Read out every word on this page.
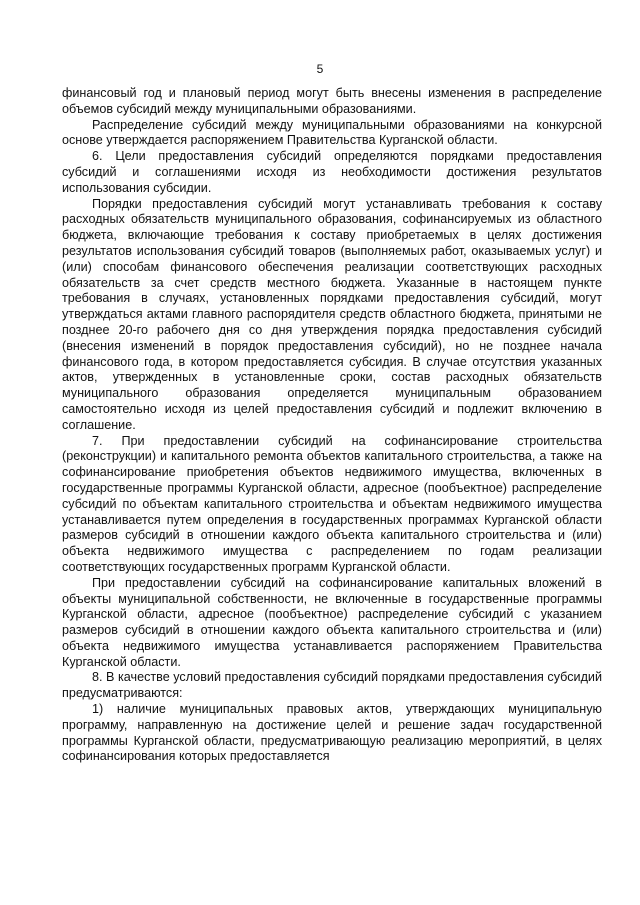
5

финансовый год и плановый период могут быть внесены изменения в распределение объемов субсидий между муниципальными образованиями.

Распределение субсидий между муниципальными образованиями на конкурсной основе утверждается распоряжением Правительства Курганской области.

6. Цели предоставления субсидий определяются порядками предоставления субсидий и соглашениями исходя из необходимости достижения результатов использования субсидии.

Порядки предоставления субсидий могут устанавливать требования к составу расходных обязательств муниципального образования, софинансируемых из областного бюджета, включающие требования к составу приобретаемых в целях достижения результатов использования субсидий товаров (выполняемых работ, оказываемых услуг) и (или) способам финансового обеспечения реализации соответствующих расходных обязательств за счет средств местного бюджета. Указанные в настоящем пункте требования в случаях, установленных порядками предоставления субсидий, могут утверждаться актами главного распорядителя средств областного бюджета, принятыми не позднее 20-го рабочего дня со дня утверждения порядка предоставления субсидий (внесения изменений в порядок предоставления субсидий), но не позднее начала финансового года, в котором предоставляется субсидия. В случае отсутствия указанных актов, утвержденных в установленные сроки, состав расходных обязательств муниципального образования определяется муниципальным образованием самостоятельно исходя из целей предоставления субсидий и подлежит включению в соглашение.

7. При предоставлении субсидий на софинансирование строительства (реконструкции) и капитального ремонта объектов капитального строительства, а также на софинансирование приобретения объектов недвижимого имущества, включенных в государственные программы Курганской области, адресное (пообъектное) распределение субсидий по объектам капитального строительства и объектам недвижимого имущества устанавливается путем определения в государственных программах Курганской области размеров субсидий в отношении каждого объекта капитального строительства и (или) объекта недвижимого имущества с распределением по годам реализации соответствующих государственных программ Курганской области.

При предоставлении субсидий на софинансирование капитальных вложений в объекты муниципальной собственности, не включенные в государственные программы Курганской области, адресное (пообъектное) распределение субсидий с указанием размеров субсидий в отношении каждого объекта капитального строительства и (или) объекта недвижимого имущества устанавливается распоряжением Правительства Курганской области.

8. В качестве условий предоставления субсидий порядками предоставления субсидий предусматриваются:

1) наличие муниципальных правовых актов, утверждающих муниципальную программу, направленную на достижение целей и решение задач государственной программы Курганской области, предусматривающую реализацию мероприятий, в целях софинансирования которых предоставляется
